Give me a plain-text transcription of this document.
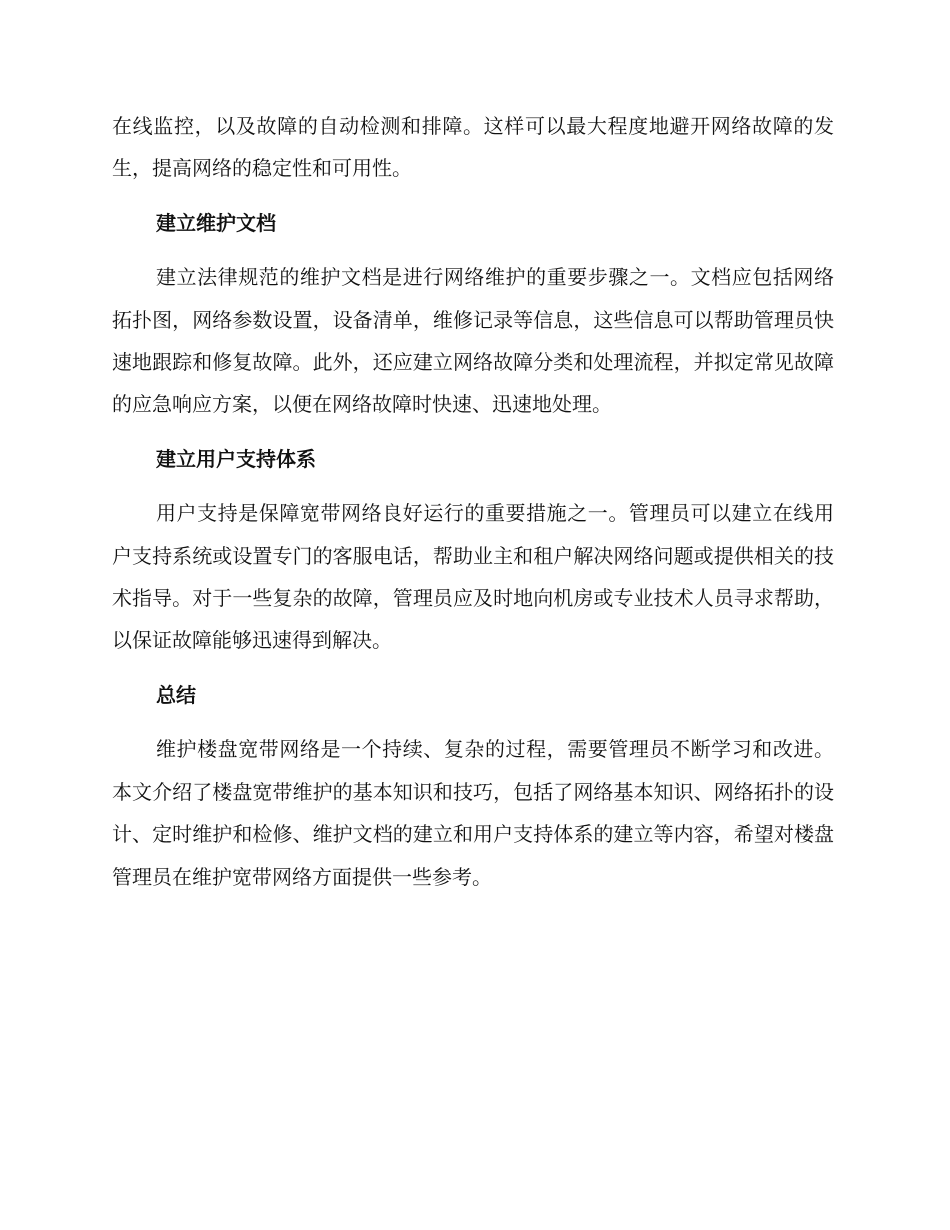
在线监控，以及故障的自动检测和排障。这样可以最大程度地避开网络故障的发生，提高网络的稳定性和可用性。

建立维护文档

建立法律规范的维护文档是进行网络维护的重要步骤之一。文档应包括网络拓扑图，网络参数设置，设备清单，维修记录等信息，这些信息可以帮助管理员快速地跟踪和修复故障。此外，还应建立网络故障分类和处理流程，并拟定常见故障的应急响应方案，以便在网络故障时快速、迅速地处理。

建立用户支持体系

用户支持是保障宽带网络良好运行的重要措施之一。管理员可以建立在线用户支持系统或设置专门的客服电话，帮助业主和租户解决网络问题或提供相关的技术指导。对于一些复杂的故障，管理员应及时地向机房或专业技术人员寻求帮助，以保证故障能够迅速得到解决。

总结

维护楼盘宽带网络是一个持续、复杂的过程，需要管理员不断学习和改进。本文介绍了楼盘宽带维护的基本知识和技巧，包括了网络基本知识、网络拓扑的设计、定时维护和检修、维护文档的建立和用户支持体系的建立等内容，希望对楼盘管理员在维护宽带网络方面提供一些参考。
